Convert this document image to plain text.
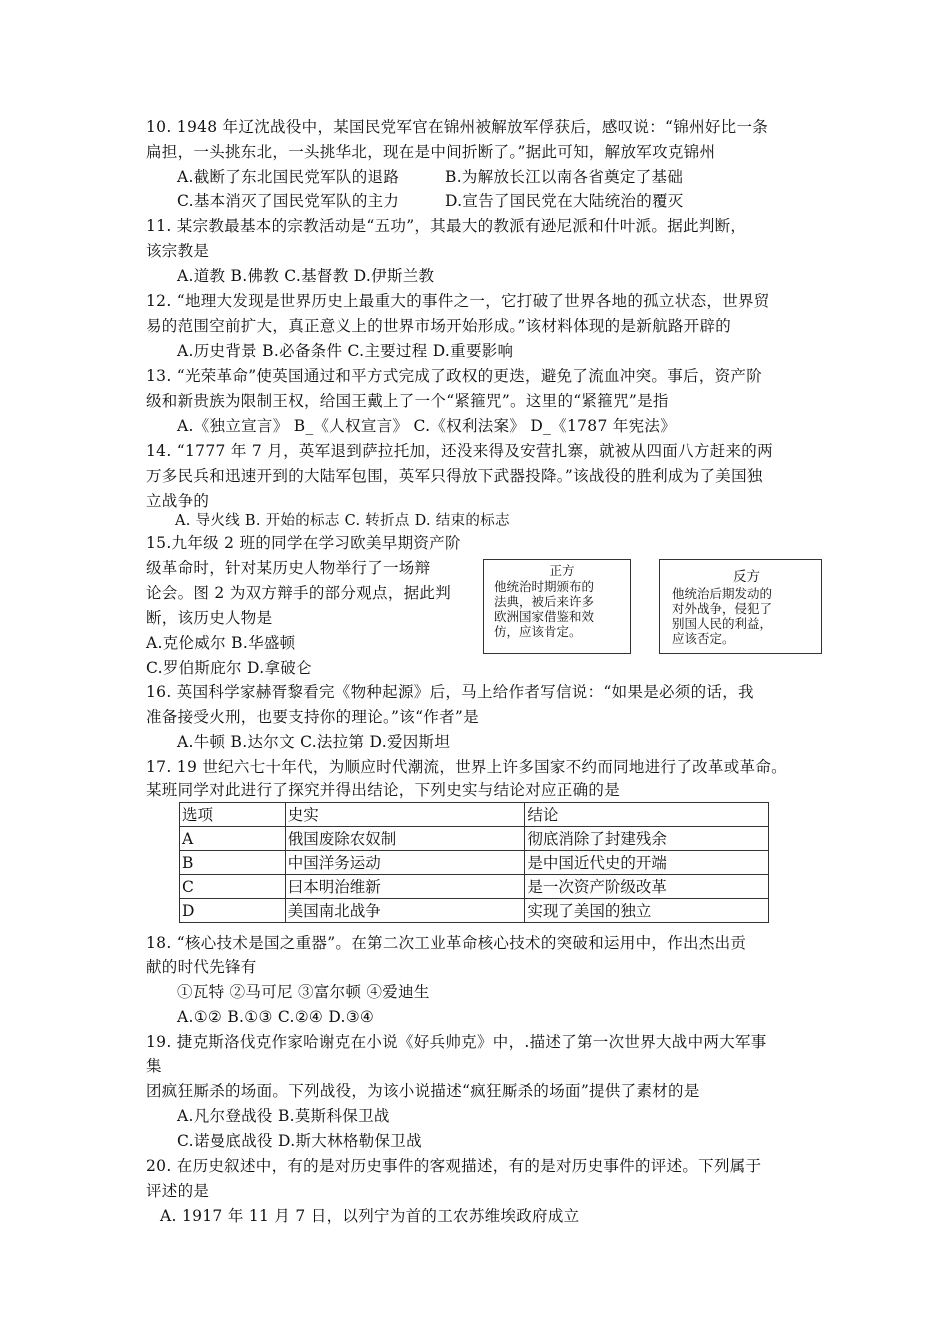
10. 1948 年辽沈战役中，某国民党军官在锦州被解放军俘获后，感叹说：“锦州好比一条
扁担，一头挑东北，一头挑华北，现在是中间折断了。”据此可知，解放军攻克锦州
A.截断了东北国民党军队的退路	B.为解放长江以南各省奠定了基础
C.基本消灭了国民党军队的主力	D.宣告了国民党在大陆统治的覆灭
11. 某宗教最基本的宗教活动是“五功”，其最大的教派有逊尼派和什叶派。据此判断，
该宗教是
A.道教 B.佛教 C.基督教 D.伊斯兰教
12. “地理大发现是世界历史上最重大的事件之一，它打破了世界各地的孤立状态，世界贸
易的范围空前扩大，真正意义上的世界市场开始形成。”该材料体现的是新航路开辟的
A.历史背景 B.必备条件 C.主要过程 D.重要影响
13. “光荣革命”使英国通过和平方式完成了政权的更迭，避免了流血冲突。事后，资产阶
级和新贵族为限制王权，给国王戴上了一个“紧箍咒”。这里的“紧箍咒”是指
A.《独立宣言》 B_《人权宣言》 C.《权利法案》 D_《1787 年宪法》
14. “1777 年 7 月，英军退到萨拉托加，还没来得及安营扎寨，就被从四面八方赶来的两
万多民兵和迅速开到的大陆军包围，英军只得放下武器投降。”该战役的胜利成为了美国独
立战争的
A. 导火线 B. 开始的标志 C. 转折点 D. 结束的标志
15.九年级 2 班的同学在学习欧美早期资产阶
级革命时，针对某历史人物举行了一场辩
论会。图 2 为双方辩手的部分观点，据此判
断，该历史人物是
A.克伦威尔 B.华盛顿
C.罗伯斯庇尔 D.拿破仑
正方
他统治时期颁布的
法典，被后来许多
欧洲国家借鉴和效
仿，应该肯定。
反方
他统治后期发动的
对外战争，侵犯了
别国人民的利益，
应该否定。
16. 英国科学家赫胥黎看完《物种起源》后，马上给作者写信说：“如果是必须的话，我
准备接受火刑，也要支持你的理论。”该“作者”是
A.牛顿 B.达尔文 C.法拉第 D.爱因斯坦
17. 19 世纪六七十年代，为顺应时代潮流，世界上许多国家不约而同地进行了改革或革命。
某班同学对此进行了探究并得出结论，下列史实与结论对应正确的是
选项	史实	结论
A	俄国废除农奴制	彻底消除了封建残余
B	中国洋务运动	是中国近代史的开端
C	曰本明治维新	是一次资产阶级改革
D	美国南北战争	实现了美国的独立
18. “核心技术是国之重器”。在第二次工业革命核心技术的突破和运用中，作出杰出贡
献的时代先锋有
①瓦特 ②马可尼 ③富尔顿 ④爱迪生
A.①② B.①③ C.②④ D.③④
19. 捷克斯洛伐克作家哈谢克在小说《好兵帅克》中，.描述了第一次世界大战中两大军事
集
团疯狂厮杀的场面。下列战役，为该小说描述“疯狂厮杀的场面”提供了素材的是
A.凡尔登战役 B.莫斯科保卫战
C.诺曼底战役 D.斯大林格勒保卫战
20. 在历史叙述中，有的是对历史事件的客观描述，有的是对历史事件的评述。下列属于
评述的是
A. 1917 年 11 月 7 日，以列宁为首的工农苏维埃政府成立
